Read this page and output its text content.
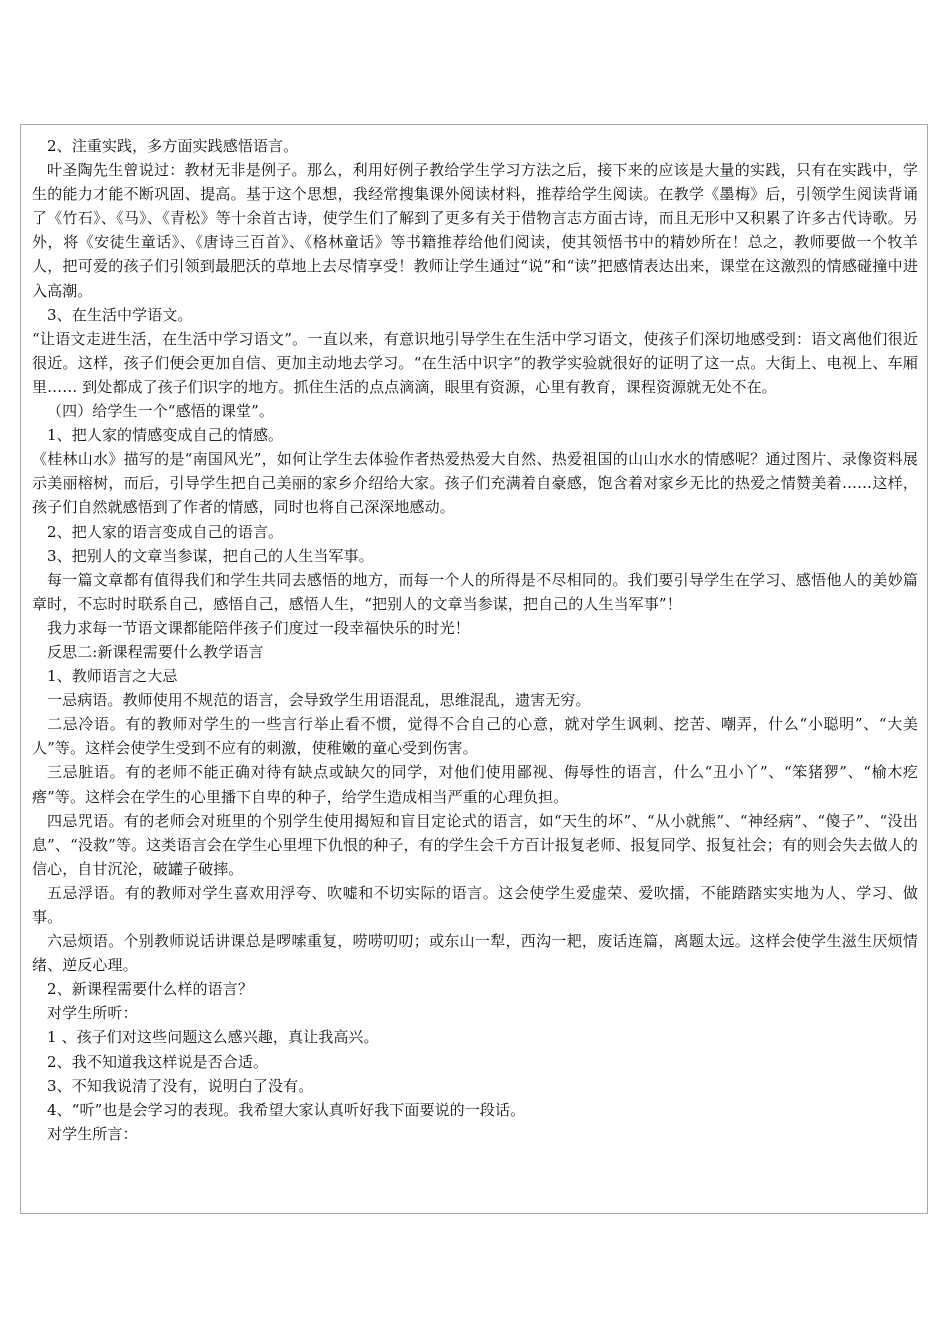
2、注重实践，多方面实践感悟语言。

叶圣陶先生曾说过：教材无非是例子。那么，利用好例子教给学生学习方法之后，接下来的应该是大量的实践，只有在实践中，学生的能力才能不断巩固、提高。基于这个思想，我经常搜集课外阅读材料，推荐给学生阅读。在教学《墨梅》后，引领学生阅读背诵了《竹石》、《马》、《青松》等十余首古诗，使学生们了解到了更多有关于借物言志方面古诗，而且无形中又积累了许多古代诗歌。另外，将《安徒生童话》、《唐诗三百首》、《格林童话》等书籍推荐给他们阅读，使其领悟书中的精妙所在！总之，教师要做一个牧羊人，把可爱的孩子们引领到最肥沃的草地上去尽情享受！教师让学生通过“说”和“读”把感情表达出来，课堂在这激烈的情感碰撞中进入高潮。

3、在生活中学语文。

“让语文走进生活，在生活中学习语文”。一直以来，有意识地引导学生在生活中学习语文，使孩子们深切地感受到：语文离他们很近很近。这样，孩子们便会更加自信、更加主动地去学习。“在生活中识字”的教学实验就很好的证明了这一点。大街上、电视上、车厢里…… 到处都成了孩子们识字的地方。抓住生活的点点滴滴，眼里有资源，心里有教育，课程资源就无处不在。

（四）给学生一个“感悟的课堂”。

1、把人家的情感变成自己的情感。

《桂林山水》描写的是“南国风光”，如何让学生去体验作者热爱热爱大自然、热爱祖国的山山水水的情感呢？通过图片、录像资料展示美丽榕树，而后，引导学生把自己美丽的家乡介绍给大家。孩子们充满着自豪感，饱含着对家乡无比的热爱之情赞美着……这样，孩子们自然就感悟到了作者的情感，同时也将自己深深地感动。

2、把人家的语言变成自己的语言。

3、把别人的文章当参谋，把自己的人生当军事。

每一篇文章都有值得我们和学生共同去感悟的地方，而每一个人的所得是不尽相同的。我们要引导学生在学习、感悟他人的美妙篇章时，不忘时时联系自己，感悟自己，感悟人生，“把别人的文章当参谋，把自己的人生当军事”！

我力求每一节语文课都能陪伴孩子们度过一段幸福快乐的时光！

反思二:新课程需要什么教学语言

1、教师语言之大忌

一忌病语。教师使用不规范的语言，会导致学生用语混乱，思维混乱，遗害无穷。

二忌冷语。有的教师对学生的一些言行举止看不惯，觉得不合自己的心意，就对学生讽刺、挖苦、嘲弄，什么“小聪明”、“大美人”等。这样会使学生受到不应有的刺激，使稚嫩的童心受到伤害。

三忌脏语。有的老师不能正确对待有缺点或缺欠的同学，对他们使用鄙视、侮辱性的语言，什么“丑小丫”、“笨猪猡”、“榆木疙瘩”等。这样会在学生的心里播下自卑的种子，给学生造成相当严重的心理负担。

四忌咒语。有的老师会对班里的个别学生使用揭短和盲目定论式的语言，如“天生的坏”、“从小就熊”、“神经病”、“傻子”、“没出息”、“没救”等。这类语言会在学生心里埋下仇恨的种子，有的学生会千方百计报复老师、报复同学、报复社会；有的则会失去做人的信心，自甘沉沦，破罐子破摔。

五忌浮语。有的教师对学生喜欢用浮夸、吹嘘和不切实际的语言。这会使学生爱虚荣、爱吹擂，不能踏踏实实地为人、学习、做事。

六忌烦语。个别教师说话讲课总是啰嗦重复，唠唠叨叨；或东山一犁，西沟一耙，废话连篇，离题太远。这样会使学生滋生厌烦情绪、逆反心理。

2、新课程需要什么样的语言？

对学生所听：

1 、孩子们对这些问题这么感兴趣，真让我高兴。

2、我不知道我这样说是否合适。

3、不知我说清了没有，说明白了没有。

4、“听”也是会学习的表现。我希望大家认真听好我下面要说的一段话。

对学生所言：
